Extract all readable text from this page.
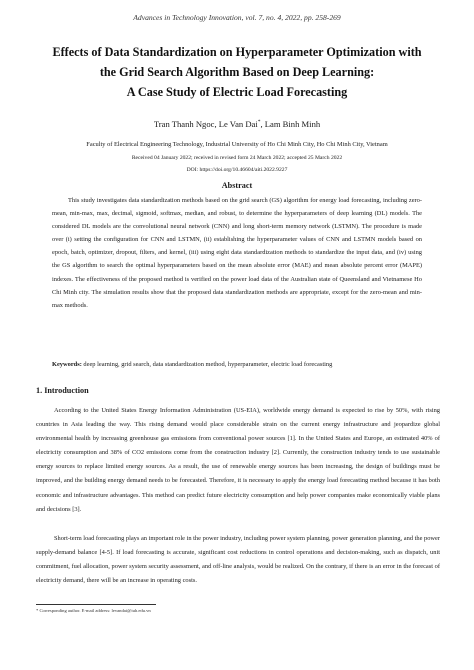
Advances in Technology Innovation, vol. 7, no. 4, 2022, pp. 258-269
Effects of Data Standardization on Hyperparameter Optimization with
the Grid Search Algorithm Based on Deep Learning:
A Case Study of Electric Load Forecasting
Tran Thanh Ngoc, Le Van Dai*, Lam Binh Minh
Faculty of Electrical Engineering Technology, Industrial University of Ho Chi Minh City, Ho Chi Minh City, Vietnam
Received 04 January 2022; received in revised form 24 March 2022; accepted 25 March 2022
DOI: https://doi.org/10.46604/aiti.2022.9227
Abstract
This study investigates data standardization methods based on the grid search (GS) algorithm for energy load forecasting, including zero-mean, min-max, max, decimal, sigmoid, softmax, median, and robust, to determine the hyperparameters of deep learning (DL) models. The considered DL models are the convolutional neural network (CNN) and long short-term memory network (LSTMN). The procedure is made over (i) setting the configuration for CNN and LSTMN, (ii) establishing the hyperparameter values of CNN and LSTMN models based on epoch, batch, optimizer, dropout, filters, and kernel, (iii) using eight data standardization methods to standardize the input data, and (iv) using the GS algorithm to search the optimal hyperparameters based on the mean absolute error (MAE) and mean absolute percent error (MAPE) indexes. The effectiveness of the proposed method is verified on the power load data of the Australian state of Queensland and Vietnamese Ho Chi Minh city. The simulation results show that the proposed data standardization methods are appropriate, except for the zero-mean and min-max methods.
Keywords: deep learning, grid search, data standardization method, hyperparameter, electric load forecasting
1. Introduction
According to the United States Energy Information Administration (US-EIA), worldwide energy demand is expected to rise by 50%, with rising countries in Asia leading the way. This rising demand would place considerable strain on the current energy infrastructure and jeopardize global environmental health by increasing greenhouse gas emissions from conventional power sources [1]. In the United States and Europe, an estimated 40% of electricity consumption and 38% of CO2 emissions come from the construction industry [2]. Currently, the construction industry tends to use sustainable energy sources to replace limited energy sources. As a result, the use of renewable energy sources has been increasing, the design of buildings must be improved, and the building energy demand needs to be forecasted. Therefore, it is necessary to apply the energy load forecasting method because it has both economic and infrastructure advantages. This method can predict future electricity consumption and help power companies make economically viable plans and decisions [3].
Short-term load forecasting plays an important role in the power industry, including power system planning, power generation planning, and the power supply-demand balance [4-5]. If load forecasting is accurate, significant cost reductions in control operations and decision-making, such as dispatch, unit commitment, fuel allocation, power system security assessment, and off-line analysis, would be realized. On the contrary, if there is an error in the forecast of electricity demand, there will be an increase in operating costs.
* Corresponding author. E-mail address: levandai@iuh.edu.vn
